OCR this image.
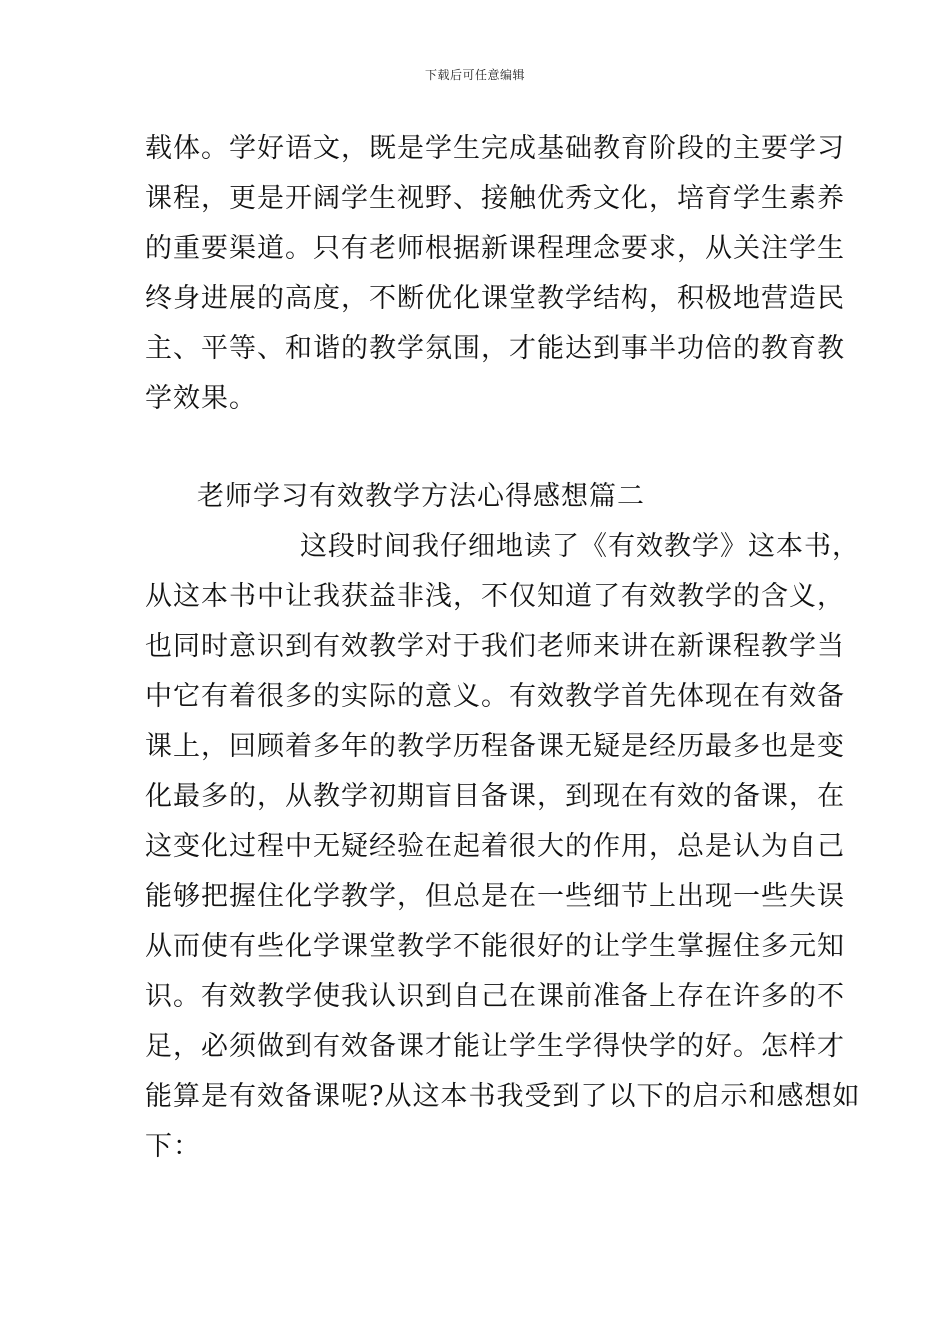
下载后可任意编辑
载体。学好语文，既是学生完成基础教育阶段的主要学习
课程，更是开阔学生视野、接触优秀文化，培育学生素养
的重要渠道。只有老师根据新课程理念要求，从关注学生
终身进展的高度，不断优化课堂教学结构，积极地营造民
主、平等、和谐的教学氛围，才能达到事半功倍的教育教
学效果。
老师学习有效教学方法心得感想篇二
这段时间我仔细地读了《有效教学》这本书，
从这本书中让我获益非浅，不仅知道了有效教学的含义，
也同时意识到有效教学对于我们老师来讲在新课程教学当
中它有着很多的实际的意义。有效教学首先体现在有效备
课上，回顾着多年的教学历程备课无疑是经历最多也是变
化最多的，从教学初期盲目备课，到现在有效的备课，在
这变化过程中无疑经验在起着很大的作用，总是认为自己
能够把握住化学教学，但总是在一些细节上出现一些失误
从而使有些化学课堂教学不能很好的让学生掌握住多元知
识。有效教学使我认识到自己在课前准备上存在许多的不
足，必须做到有效备课才能让学生学得快学的好。怎样才
能算是有效备课呢?从这本书我受到了以下的启示和感想如
下：
